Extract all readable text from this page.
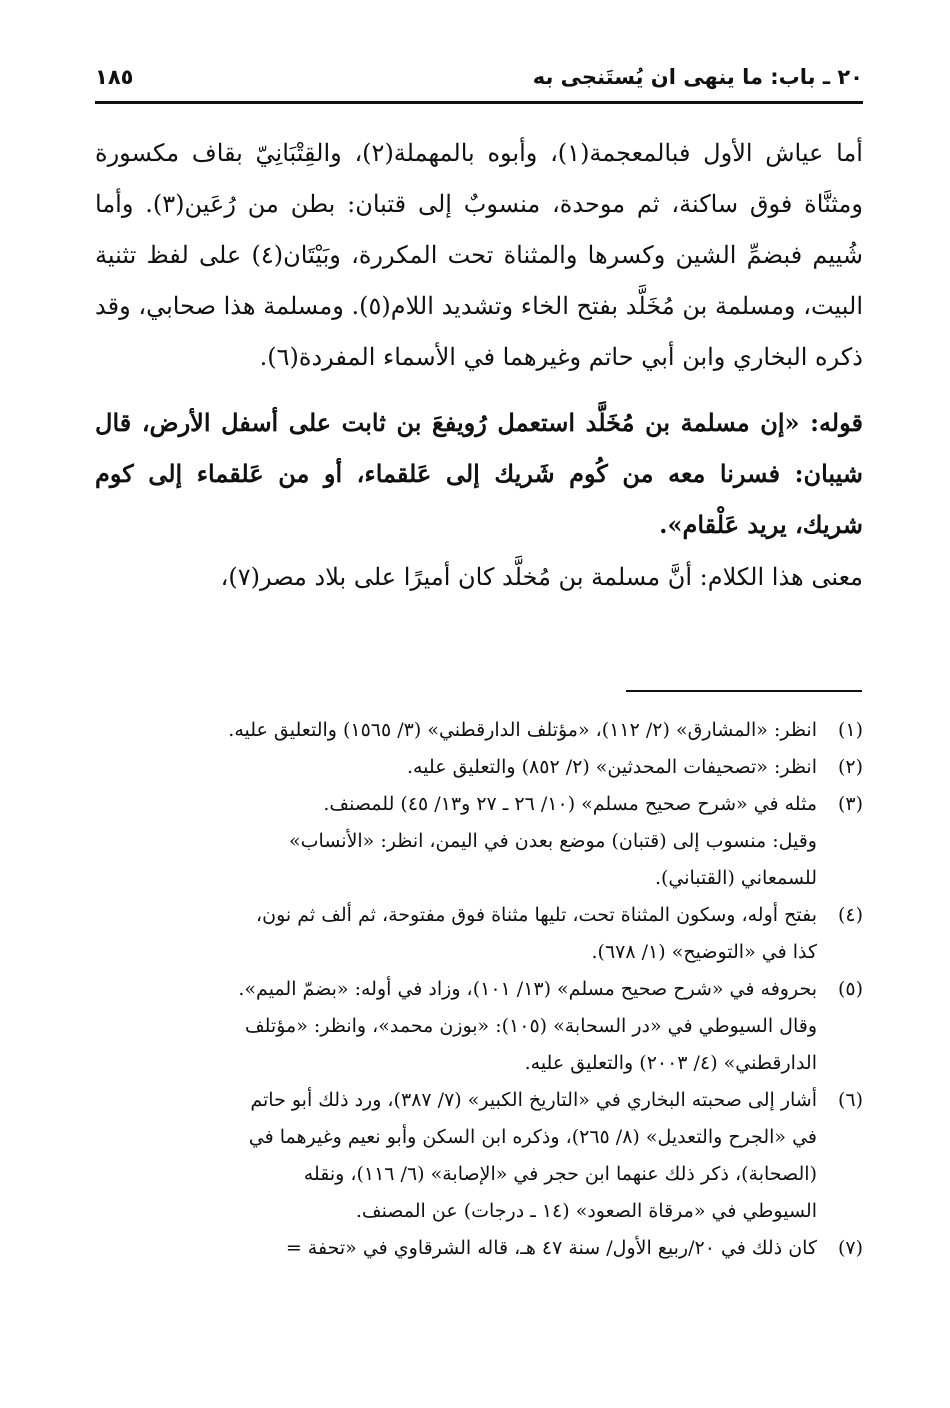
٢٠ ـ باب: ما ينهى ان يُستَنجى به
١٨٥

أما عياش الأول فبالمعجمة(١)، وأبوه بالمهملة(٢)، والقِتْبَانِيّ بقاف مكسورة ومثنَّاة فوق ساكنة، ثم موحدة، منسوبٌ إلى قتبان: بطن من رُعَين(٣). وأما شُييم فبضمِّ الشين وكسرها والمثناة تحت المكررة، وبَيْتَان(٤) على لفظ تثنية البيت، ومسلمة بن مُخَلَّد بفتح الخاء وتشديد اللام(٥). ومسلمة هذا صحابي، وقد ذكره البخاري وابن أبي حاتم وغيرهما في الأسماء المفردة(٦).

قوله: «إن مسلمة بن مُخَلَّد استعمل رُويفعَ بن ثابت على أسفل الأرض، قال شيبان: فسرنا معه من كُوم شَريك إلى عَلقماء، أو من عَلقماء إلى كوم شريك، يريد عَلْقام».

معنى هذا الكلام: أنَّ مسلمة بن مُخلَّد كان أميرًا على بلاد مصر(٧)،

(١)
انظر: «المشارق» (٢/ ١١٢)، «مؤتلف الدارقطني» (٣/ ١٥٦٥) والتعليق عليه.
(٢)
انظر: «تصحيفات المحدثين» (٢/ ٨٥٢) والتعليق عليه.
(٣)
مثله في «شرح صحيح مسلم» (١٠/ ٢٦ ـ ٢٧ و١٣/ ٤٥) للمصنف.
وقيل: منسوب إلى (قتبان) موضع بعدن في اليمن، انظر: «الأنساب»
للسمعاني (القتباني).
(٤)
بفتح أوله، وسكون المثناة تحت، تليها مثناة فوق مفتوحة، ثم ألف ثم نون،
كذا في «التوضيح» (١/ ٦٧٨).
(٥)
بحروفه في «شرح صحيح مسلم» (١٣/ ١٠١)، وزاد في أوله: «بضمّ الميم».
وقال السيوطي في «در السحابة» (١٠٥): «بوزن محمد»، وانظر: «مؤتلف
الدارقطني» (٤/ ٢٠٠٣) والتعليق عليه.
(٦)
أشار إلى صحبته البخاري في «التاريخ الكبير» (٧/ ٣٨٧)، ورد ذلك أبو حاتم
في «الجرح والتعديل» (٨/ ٢٦٥)، وذكره ابن السكن وأبو نعيم وغيرهما في
(الصحابة)، ذكر ذلك عنهما ابن حجر في «الإصابة» (٦/ ١١٦)، ونقله
السيوطي في «مرقاة الصعود» (١٤ ـ درجات) عن المصنف.
(٧)
كان ذلك في ٢٠/ربيع الأول/ سنة ٤٧ هـ، قاله الشرقاوي في «تحفة =
